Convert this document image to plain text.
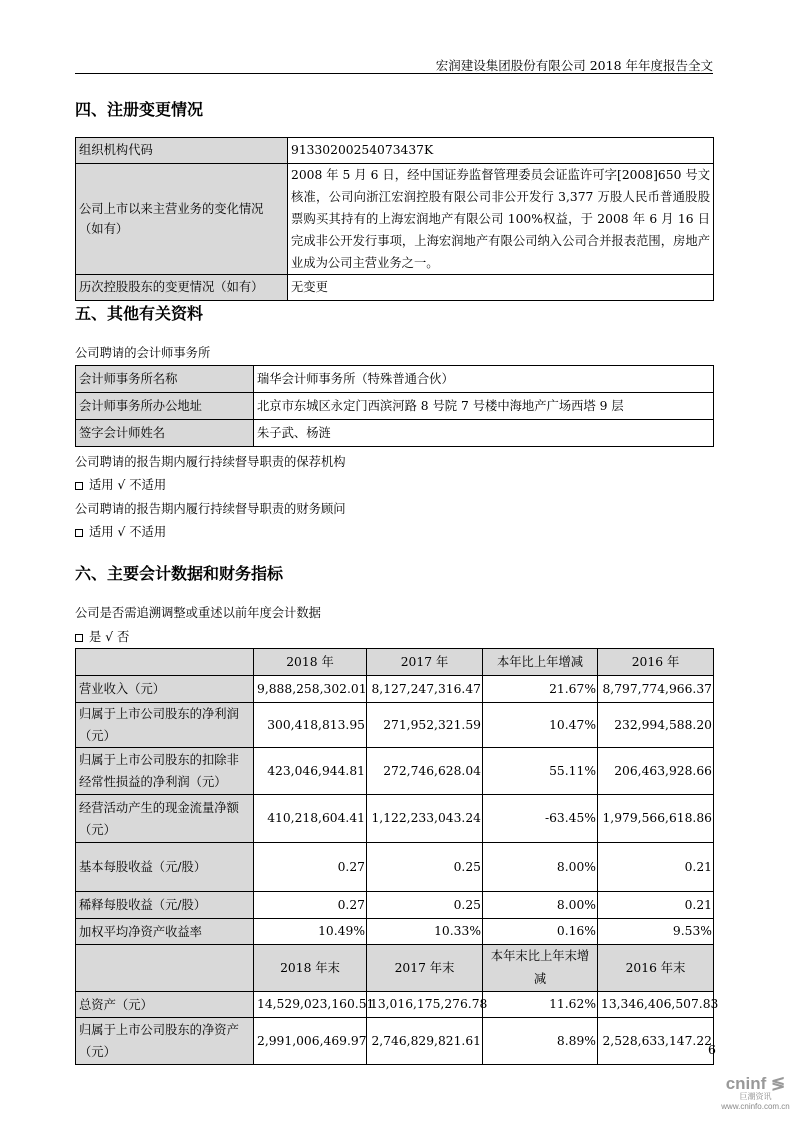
宏润建设集团股份有限公司 2018 年年度报告全文
四、注册变更情况
组织机构代码	91330200254073437K
公司上市以来主营业务的变化情况（如有）	2008 年 5 月 6 日，经中国证券监督管理委员会证监许可字[2008]650 号文核准，公司向浙江宏润控股有限公司非公开发行 3,377 万股人民币普通股股票购买其持有的上海宏润地产有限公司 100%权益，于 2008 年 6 月 16 日完成非公开发行事项，上海宏润地产有限公司纳入公司合并报表范围，房地产业成为公司主营业务之一。
历次控股股东的变更情况（如有）	无变更
五、其他有关资料
公司聘请的会计师事务所
会计师事务所名称	瑞华会计师事务所（特殊普通合伙）
会计师事务所办公地址	北京市东城区永定门西滨河路 8 号院 7 号楼中海地产广场西塔 9 层
签字会计师姓名	朱子武、杨涟
公司聘请的报告期内履行持续督导职责的保荐机构
适用 √ 不适用
公司聘请的报告期内履行持续督导职责的财务顾问
适用 √ 不适用
六、主要会计数据和财务指标
公司是否需追溯调整或重述以前年度会计数据
是 √ 否
	2018 年	2017 年	本年比上年增减	2016 年
营业收入（元）	9,888,258,302.01	8,127,247,316.47	21.67%	8,797,774,966.37
归属于上市公司股东的净利润（元）	300,418,813.95	271,952,321.59	10.47%	232,994,588.20
归属于上市公司股东的扣除非经常性损益的净利润（元）	423,046,944.81	272,746,628.04	55.11%	206,463,928.66
经营活动产生的现金流量净额（元）	410,218,604.41	1,122,233,043.24	-63.45%	1,979,566,618.86
基本每股收益（元/股）	0.27	0.25	8.00%	0.21
稀释每股收益（元/股）	0.27	0.25	8.00%	0.21
加权平均净资产收益率	10.49%	10.33%	0.16%	9.53%
	2018 年末	2017 年末	本年末比上年末增减	2016 年末
总资产（元）	14,529,023,160.51	13,016,175,276.78	11.62%	13,346,406,507.83
归属于上市公司股东的净资产（元）	2,991,006,469.97	2,746,829,821.61	8.89%	2,528,633,147.22
6
cninf ≶
巨潮资讯
www.cninfo.com.cn
